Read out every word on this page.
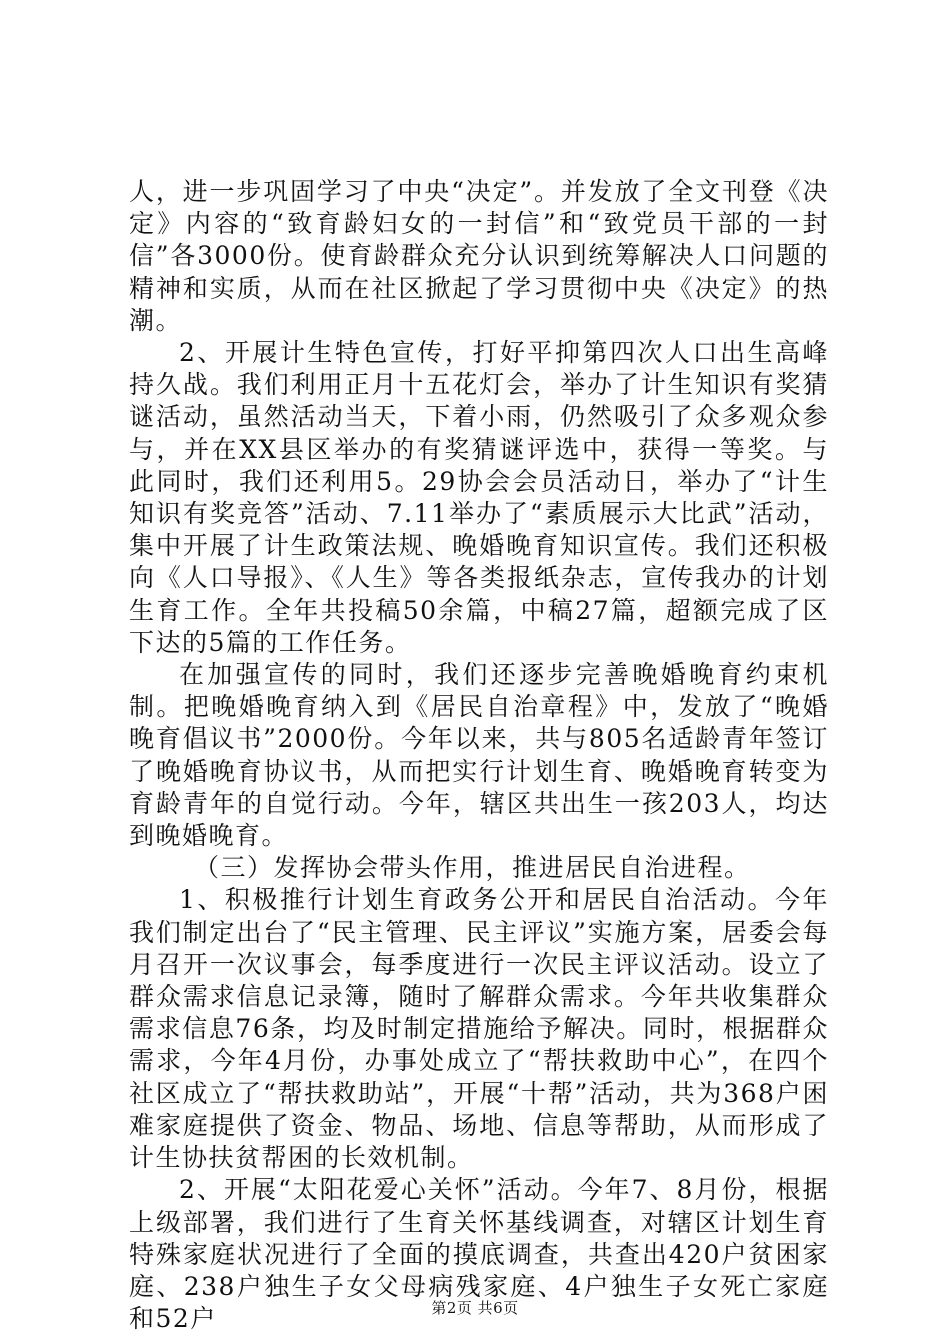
人，进一步巩固学习了中央“决定”。并发放了全文刊登《决定》内容的“致育龄妇女的一封信”和“致党员干部的一封信”各3000份。使育龄群众充分认识到统筹解决人口问题的精神和实质，从而在社区掀起了学习贯彻中央《决定》的热潮。

2、开展计生特色宣传，打好平抑第四次人口出生高峰持久战。我们利用正月十五花灯会，举办了计生知识有奖猜谜活动，虽然活动当天，下着小雨，仍然吸引了众多观众参与，并在XX县区举办的有奖猜谜评选中，获得一等奖。与此同时，我们还利用5。29协会会员活动日，举办了“计生知识有奖竞答”活动、7.11举办了“素质展示大比武”活动，集中开展了计生政策法规、晚婚晚育知识宣传。我们还积极向《人口导报》、《人生》等各类报纸杂志，宣传我办的计划生育工作。全年共投稿50余篇，中稿27篇，超额完成了区下达的5篇的工作任务。

在加强宣传的同时，我们还逐步完善晚婚晚育约束机制。把晚婚晚育纳入到《居民自治章程》中，发放了“晚婚晚育倡议书”2000份。今年以来，共与805名适龄青年签订了晚婚晚育协议书，从而把实行计划生育、晚婚晚育转变为育龄青年的自觉行动。今年，辖区共出生一孩203人，均达到晚婚晚育。

（三）发挥协会带头作用，推进居民自治进程。

1、积极推行计划生育政务公开和居民自治活动。今年我们制定出台了“民主管理、民主评议”实施方案，居委会每月召开一次议事会，每季度进行一次民主评议活动。设立了群众需求信息记录簿，随时了解群众需求。今年共收集群众需求信息76条，均及时制定措施给予解决。同时，根据群众需求，今年4月份，办事处成立了“帮扶救助中心”，在四个社区成立了“帮扶救助站”，开展“十帮”活动，共为368户困难家庭提供了资金、物品、场地、信息等帮助，从而形成了计生协扶贫帮困的长效机制。

2、开展“太阳花爱心关怀”活动。今年7、8月份，根据上级部署，我们进行了生育关怀基线调查，对辖区计划生育特殊家庭状况进行了全面的摸底调查，共查出420户贫困家庭、238户独生子女父母病残家庭、4户独生子女死亡家庭和52户	第2页 共6页
